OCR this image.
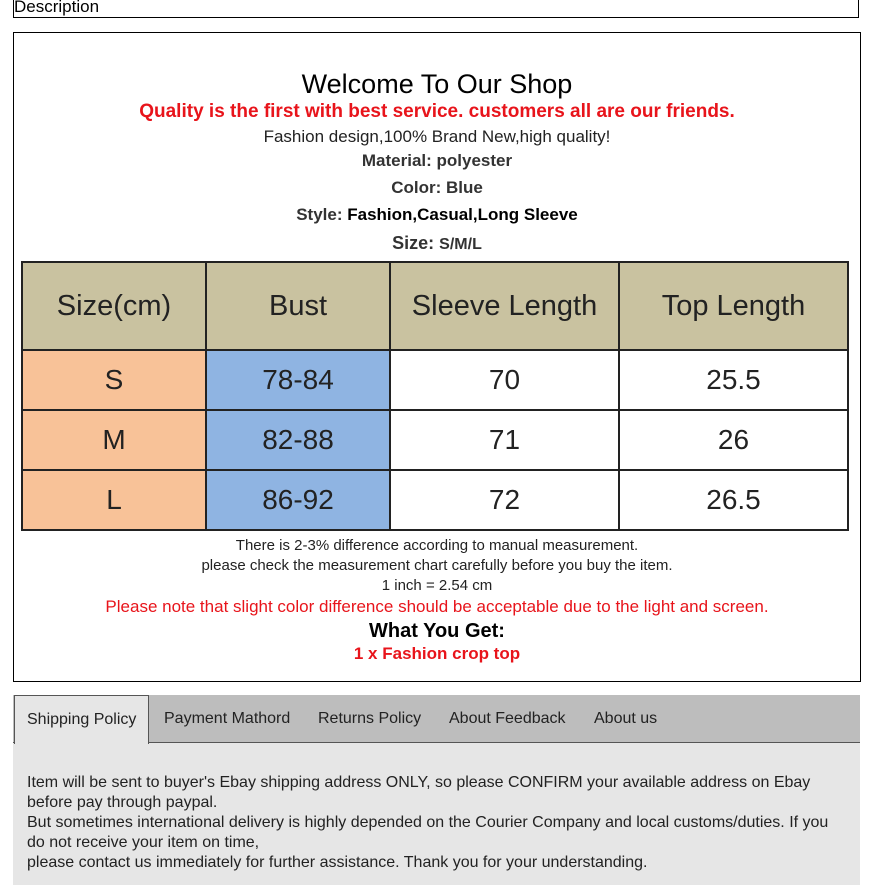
Description
Welcome To Our Shop
Quality is the first with best service. customers all are our friends.
Fashion design,100% Brand New,high quality!
Material: polyester
Color: Blue
Style: Fashion,Casual,Long Sleeve
Size: S/M/L
Size(cm)	Bust	Sleeve Length	Top Length
S	78-84	70	25.5
M	82-88	71	26
L	86-92	72	26.5
There is 2-3% difference according to manual measurement.
please check the measurement chart carefully before you buy the item.
1 inch = 2.54 cm
Please note that slight color difference should be acceptable due to the light and screen.
What You Get:
1 x Fashion crop top
Shipping Policy	Payment Mathord Returns Policy About Feedback About us

Item will be sent to buyer's Ebay shipping address ONLY, so please CONFIRM your available address on Ebay before pay through paypal.

But sometimes international delivery is highly depended on the Courier Company and local customs/duties. If you do not receive your item on time,

please contact us immediately for further assistance. Thank you for your understanding.
